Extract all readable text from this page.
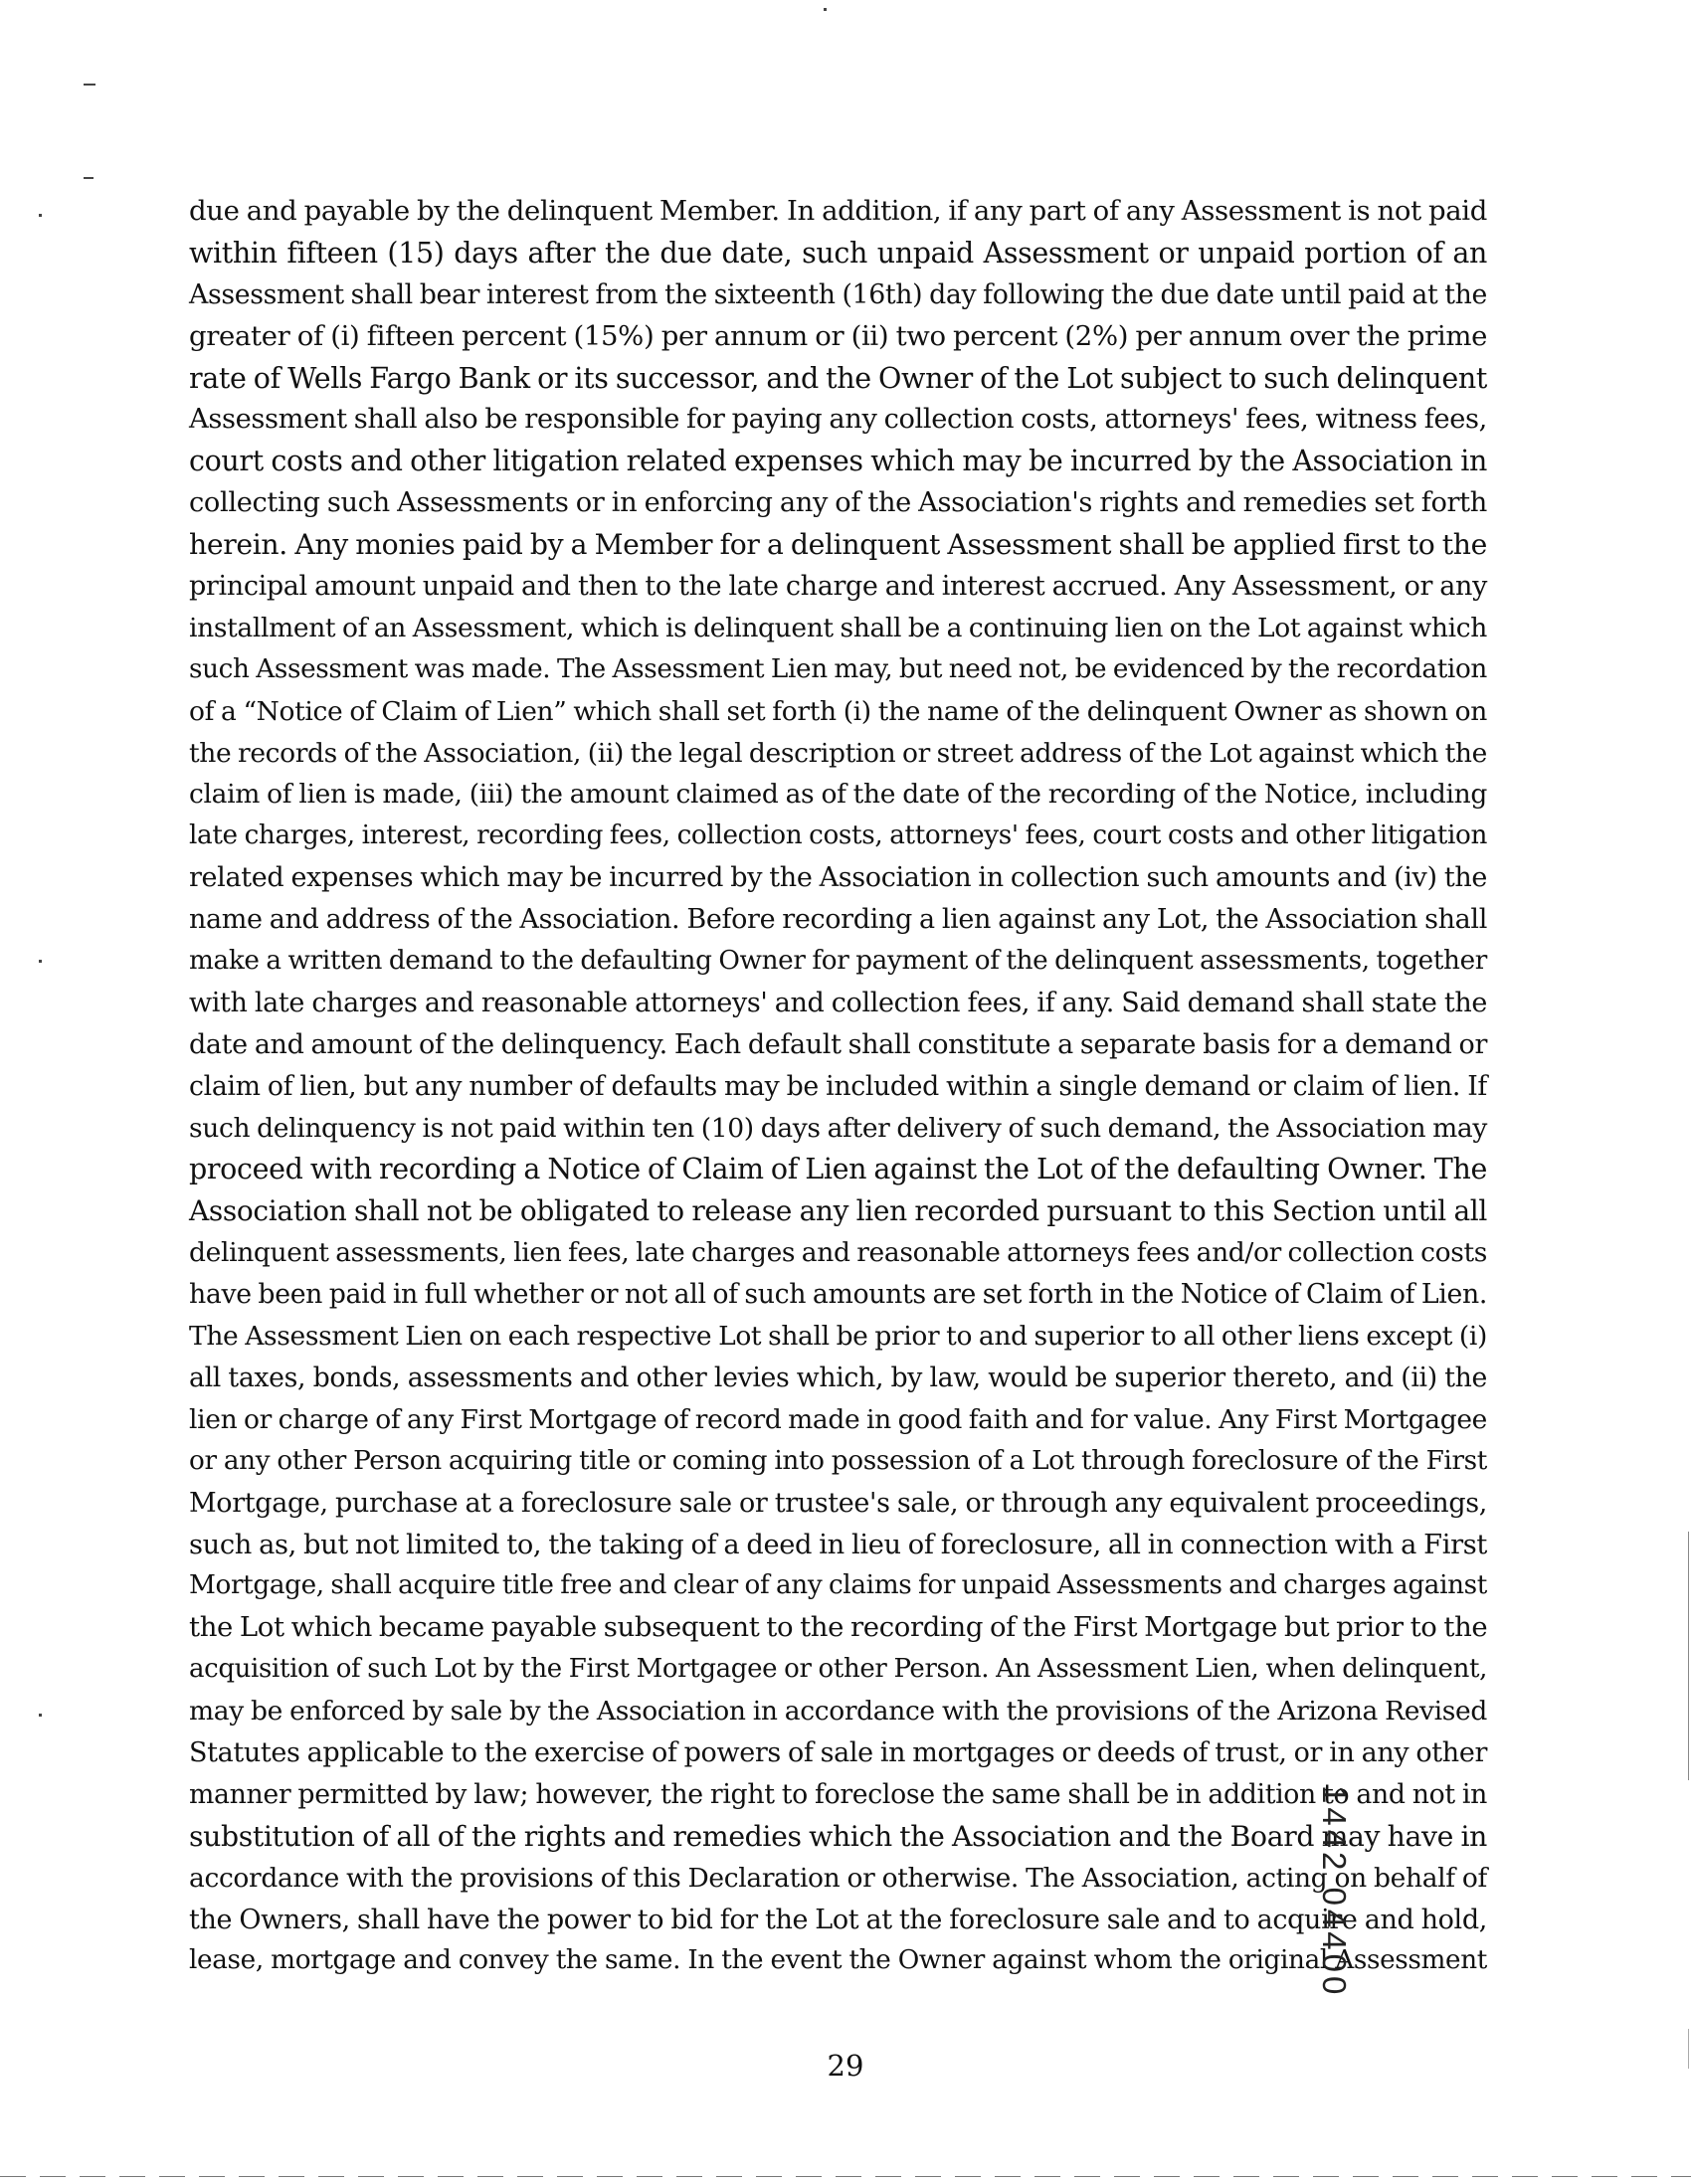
due and payable by the delinquent Member. In addition, if any part of any Assessment is not paid
within fifteen (15) days after the due date, such unpaid Assessment or unpaid portion of an
Assessment shall bear interest from the sixteenth (16th) day following the due date until paid at the
greater of (i) fifteen percent (15%) per annum or (ii) two percent (2%) per annum over the prime
rate of Wells Fargo Bank or its successor, and the Owner of the Lot subject to such delinquent
Assessment shall also be responsible for paying any collection costs, attorneys' fees, witness fees,
court costs and other litigation related expenses which may be incurred by the Association in
collecting such Assessments or in enforcing any of the Association's rights and remedies set forth
herein. Any monies paid by a Member for a delinquent Assessment shall be applied first to the
principal amount unpaid and then to the late charge and interest accrued. Any Assessment, or any
installment of an Assessment, which is delinquent shall be a continuing lien on the Lot against which
such Assessment was made. The Assessment Lien may, but need not, be evidenced by the recordation
of a “Notice of Claim of Lien” which shall set forth (i) the name of the delinquent Owner as shown on
the records of the Association, (ii) the legal description or street address of the Lot against which the
claim of lien is made, (iii) the amount claimed as of the date of the recording of the Notice, including
late charges, interest, recording fees, collection costs, attorneys' fees, court costs and other litigation
related expenses which may be incurred by the Association in collection such amounts and (iv) the
name and address of the Association. Before recording a lien against any Lot, the Association shall
make a written demand to the defaulting Owner for payment of the delinquent assessments, together
with late charges and reasonable attorneys' and collection fees, if any. Said demand shall state the
date and amount of the delinquency. Each default shall constitute a separate basis for a demand or
claim of lien, but any number of defaults may be included within a single demand or claim of lien. If
such delinquency is not paid within ten (10) days after delivery of such demand, the Association may
proceed with recording a Notice of Claim of Lien against the Lot of the defaulting Owner. The
Association shall not be obligated to release any lien recorded pursuant to this Section until all
delinquent assessments, lien fees, late charges and reasonable attorneys fees and/or collection costs
have been paid in full whether or not all of such amounts are set forth in the Notice of Claim of Lien.
The Assessment Lien on each respective Lot shall be prior to and superior to all other liens except (i)
all taxes, bonds, assessments and other levies which, by law, would be superior thereto, and (ii) the
lien or charge of any First Mortgage of record made in good faith and for value. Any First Mortgagee
or any other Person acquiring title or coming into possession of a Lot through foreclosure of the First
Mortgage, purchase at a foreclosure sale or trustee's sale, or through any equivalent proceedings,
such as, but not limited to, the taking of a deed in lieu of foreclosure, all in connection with a First
Mortgage, shall acquire title free and clear of any claims for unpaid Assessments and charges against
the Lot which became payable subsequent to the recording of the First Mortgage but prior to the
acquisition of such Lot by the First Mortgagee or other Person. An Assessment Lien, when delinquent,
may be enforced by sale by the Association in accordance with the provisions of the Arizona Revised
Statutes applicable to the exercise of powers of sale in mortgages or deeds of trust, or in any other
manner permitted by law; however, the right to foreclose the same shall be in addition to and not in
substitution of all of the rights and remedies which the Association and the Board may have in
accordance with the provisions of this Declaration or otherwise. The Association, acting on behalf of
the Owners, shall have the power to bid for the Lot at the foreclosure sale and to acquire and hold,
lease, mortgage and convey the same. In the event the Owner against whom the original Assessment
29
1442 04400
